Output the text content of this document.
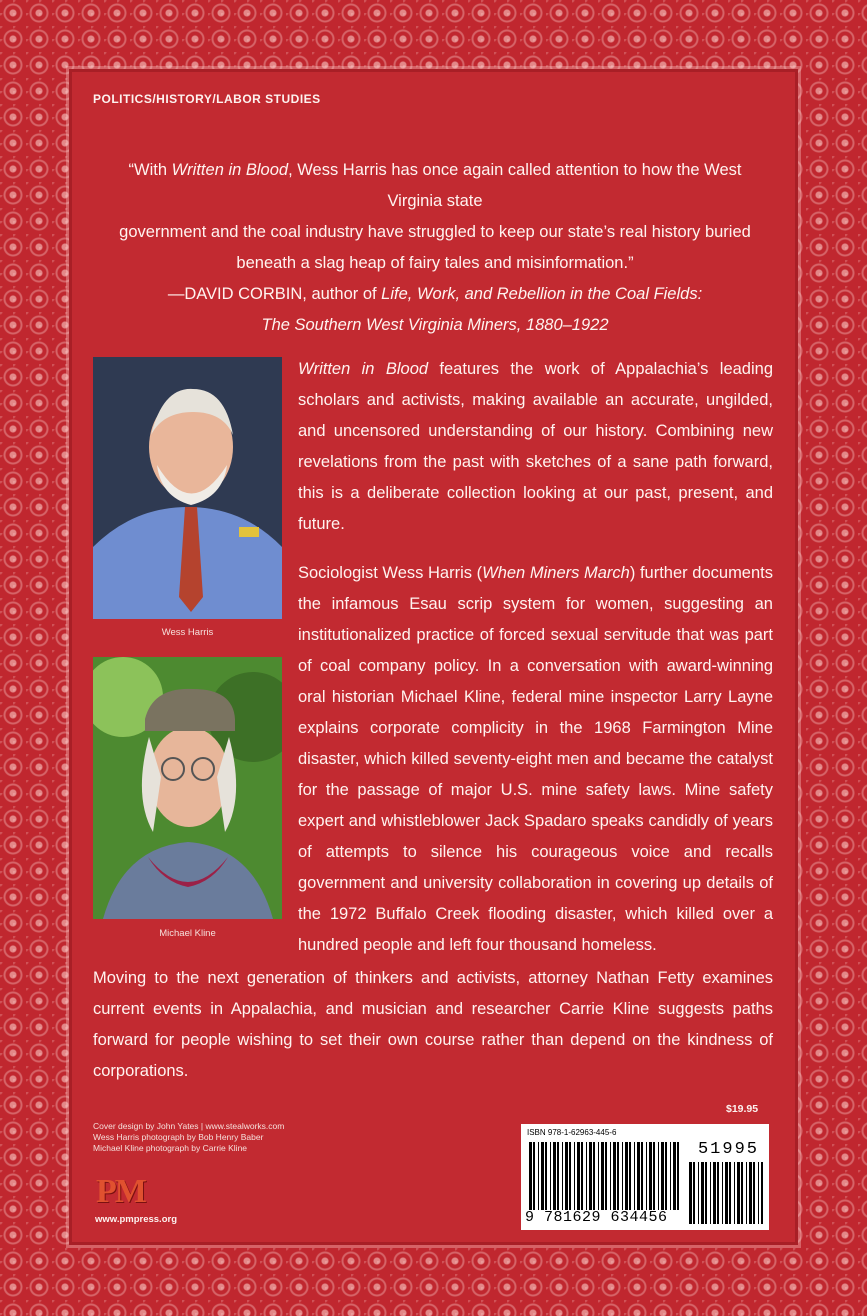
POLITICS/HISTORY/LABOR STUDIES
“With Written in Blood, Wess Harris has once again called attention to how the West Virginia state
government and the coal industry have struggled to keep our state’s real history buried
beneath a slag heap of fairy tales and misinformation.”
—DAVID CORBIN, author of Life, Work, and Rebellion in the Coal Fields:
The Southern West Virginia Miners, 1880–1922
Wess Harris
Michael Kline
Written in Blood features the work of Appalachia’s leading scholars and activists, making available an accurate, ungilded, and uncensored understanding of our history. Combining new revelations from the past with sketches of a sane path forward, this is a deliberate collection looking at our past, present, and future.
Sociologist Wess Harris (When Miners March) further documents the infamous Esau scrip system for women, suggesting an institutionalized practice of forced sexual servitude that was part of coal company policy. In a conversation with award-winning oral historian Michael Kline, federal mine inspector Larry Layne explains corporate complicity in the 1968 Farmington Mine disaster, which killed seventy-eight men and became the catalyst for the passage of major U.S. mine safety laws. Mine safety expert and whistleblower Jack Spadaro speaks candidly of years of attempts to silence his courageous voice and recalls government and university collaboration in covering up details of the 1972 Buffalo Creek flooding disaster, which killed over a hundred people and left four thousand homeless.
Moving to the next generation of thinkers and activists, attorney Nathan Fetty examines current events in Appalachia, and musician and researcher Carrie Kline suggests paths forward for people wishing to set their own course rather than depend on the kindness of corporations.
Cover design by John Yates | www.stealworks.com
Wess Harris photograph by Bob Henry Baber
Michael Kline photograph by Carrie Kline
PM
www.pmpress.org
$19.95
ISBN 978-1-62963-445-6
51995
9 781629 634456
